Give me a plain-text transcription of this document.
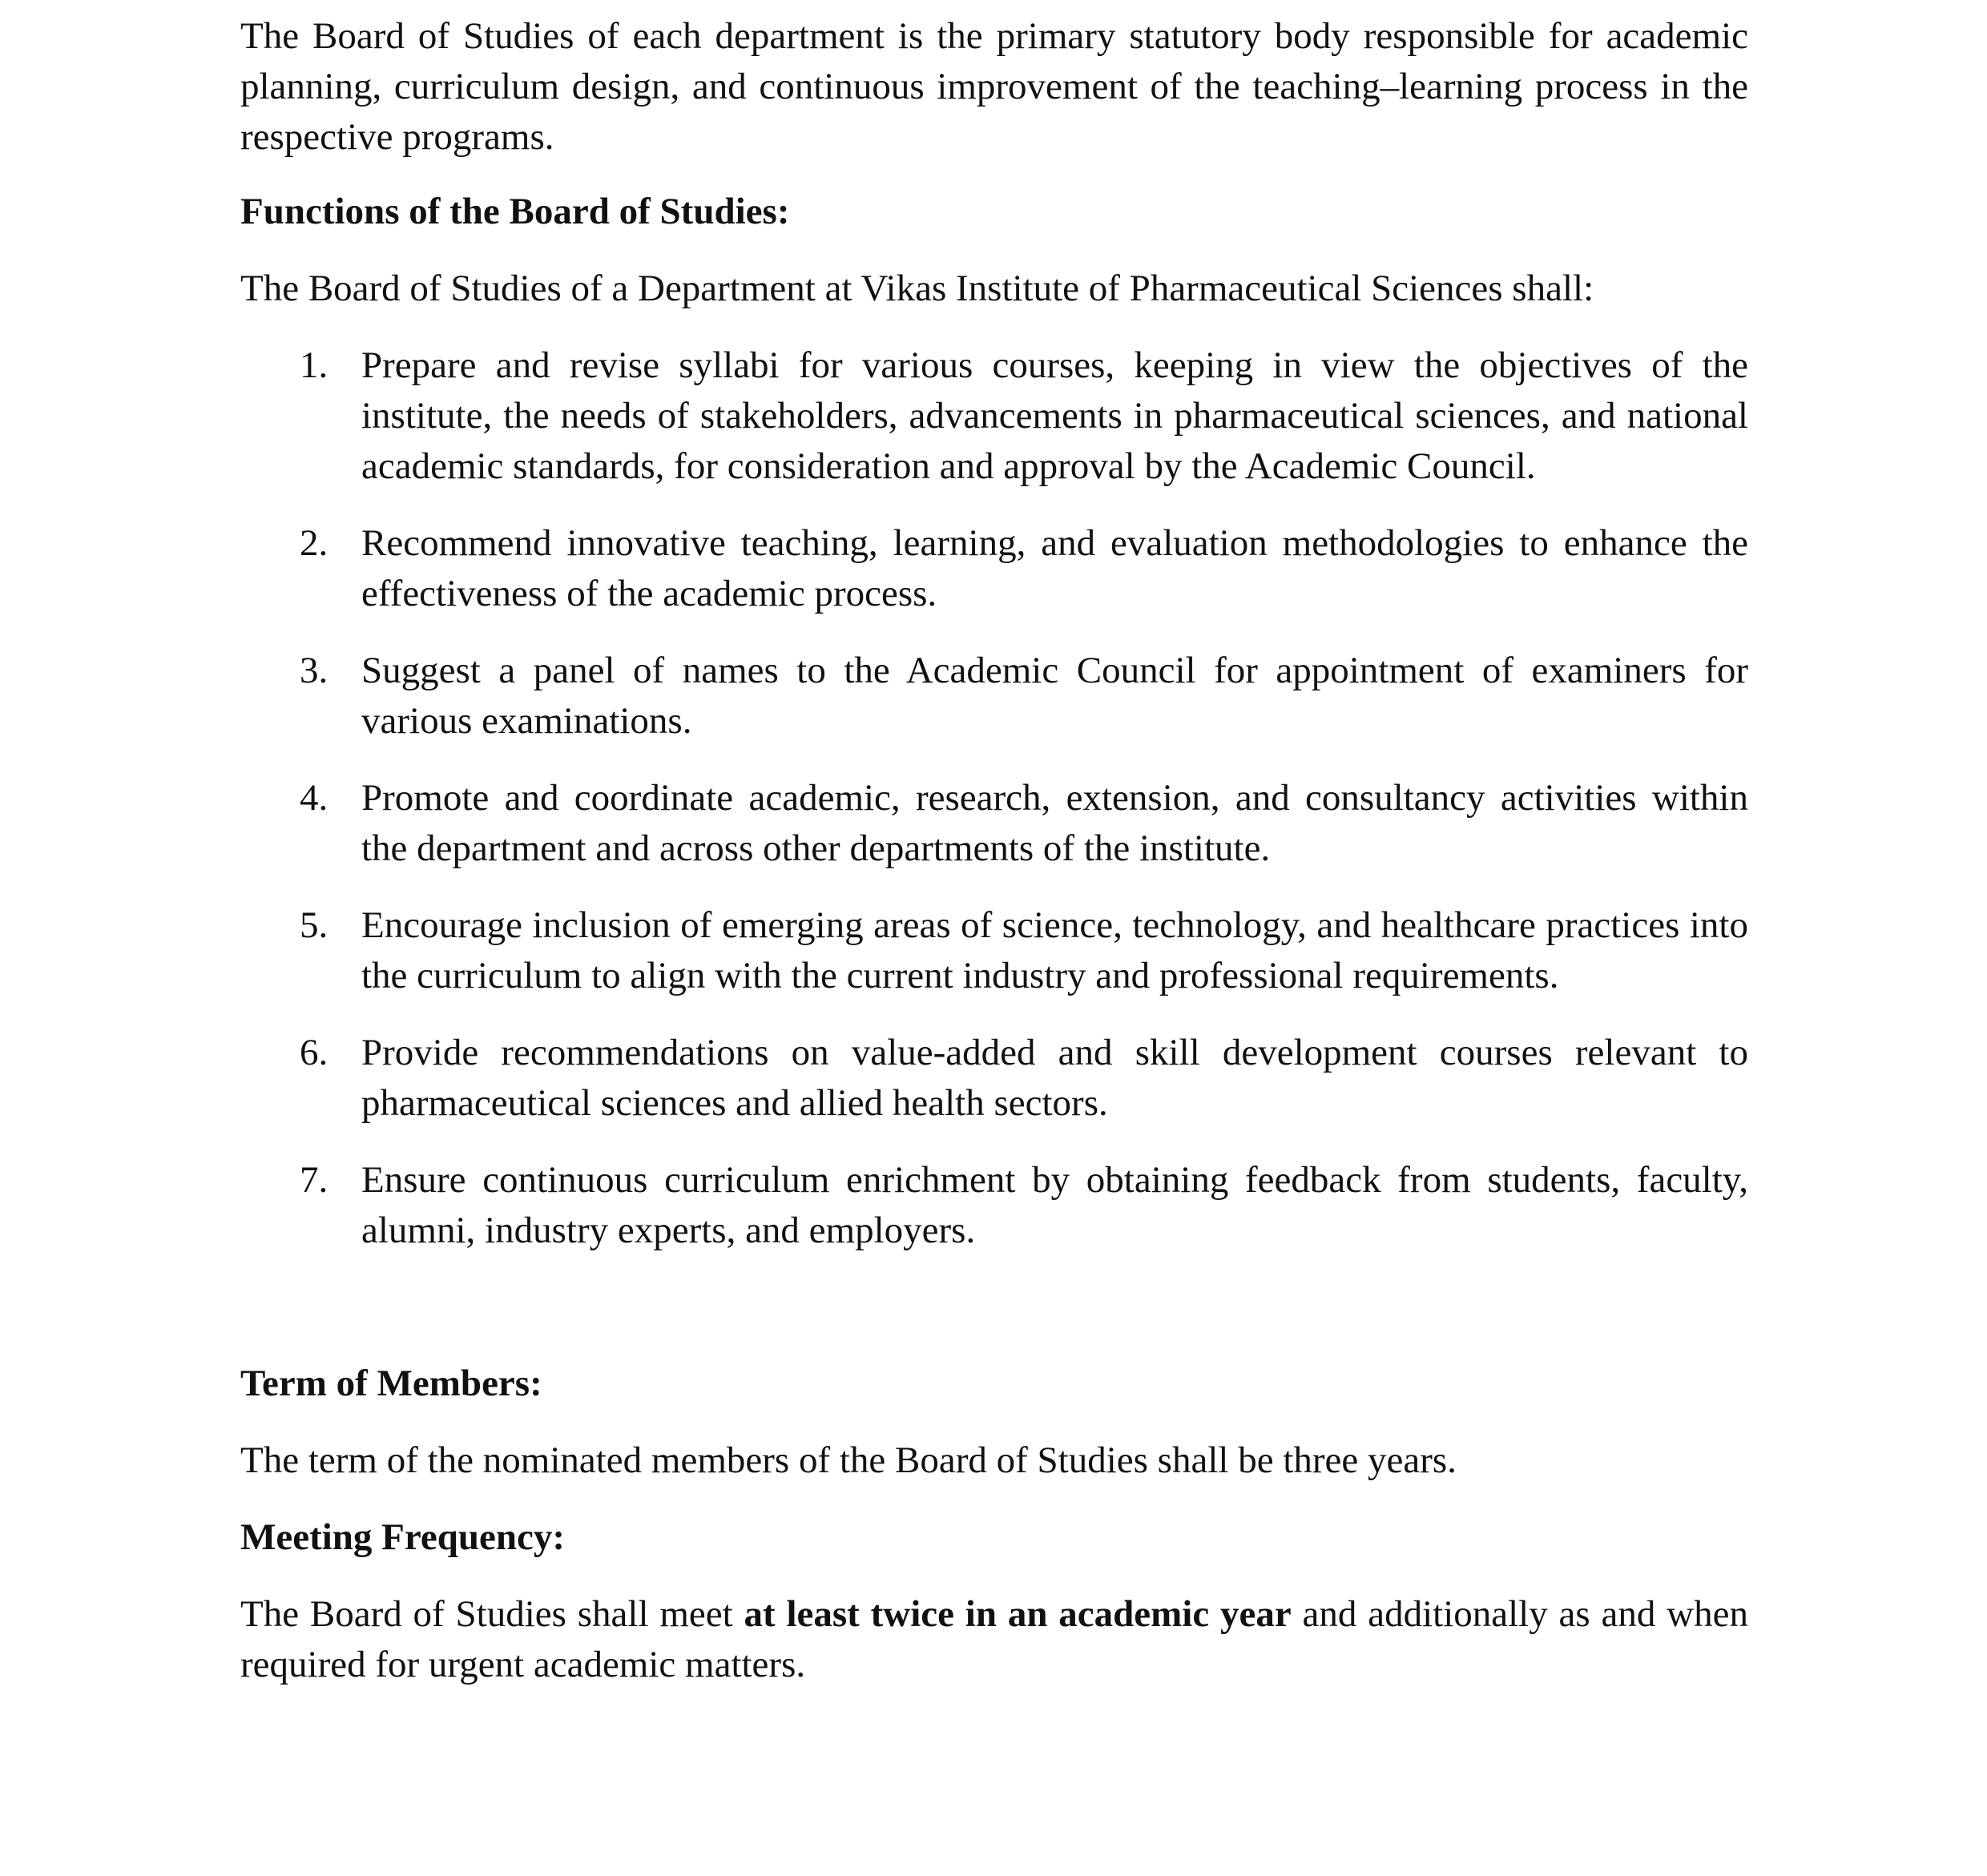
The Board of Studies of each department is the primary statutory body responsible for academic planning, curriculum design, and continuous improvement of the teaching–learning process in the respective programs.

Functions of the Board of Studies:

The Board of Studies of a Department at Vikas Institute of Pharmaceutical Sciences shall:

1. Prepare and revise syllabi for various courses, keeping in view the objectives of the institute, the needs of stakeholders, advancements in pharmaceutical sciences, and national academic standards, for consideration and approval by the Academic Council.
2. Recommend innovative teaching, learning, and evaluation methodologies to enhance the effectiveness of the academic process.
3. Suggest a panel of names to the Academic Council for appointment of examiners for various examinations.
4. Promote and coordinate academic, research, extension, and consultancy activities within the department and across other departments of the institute.
5. Encourage inclusion of emerging areas of science, technology, and healthcare practices into the curriculum to align with the current industry and professional requirements.
6. Provide recommendations on value-added and skill development courses relevant to pharmaceutical sciences and allied health sectors.
7. Ensure continuous curriculum enrichment by obtaining feedback from students, faculty, alumni, industry experts, and employers.
Term of Members:

The term of the nominated members of the Board of Studies shall be three years.

Meeting Frequency:

The Board of Studies shall meet at least twice in an academic year and additionally as and when required for urgent academic matters.
